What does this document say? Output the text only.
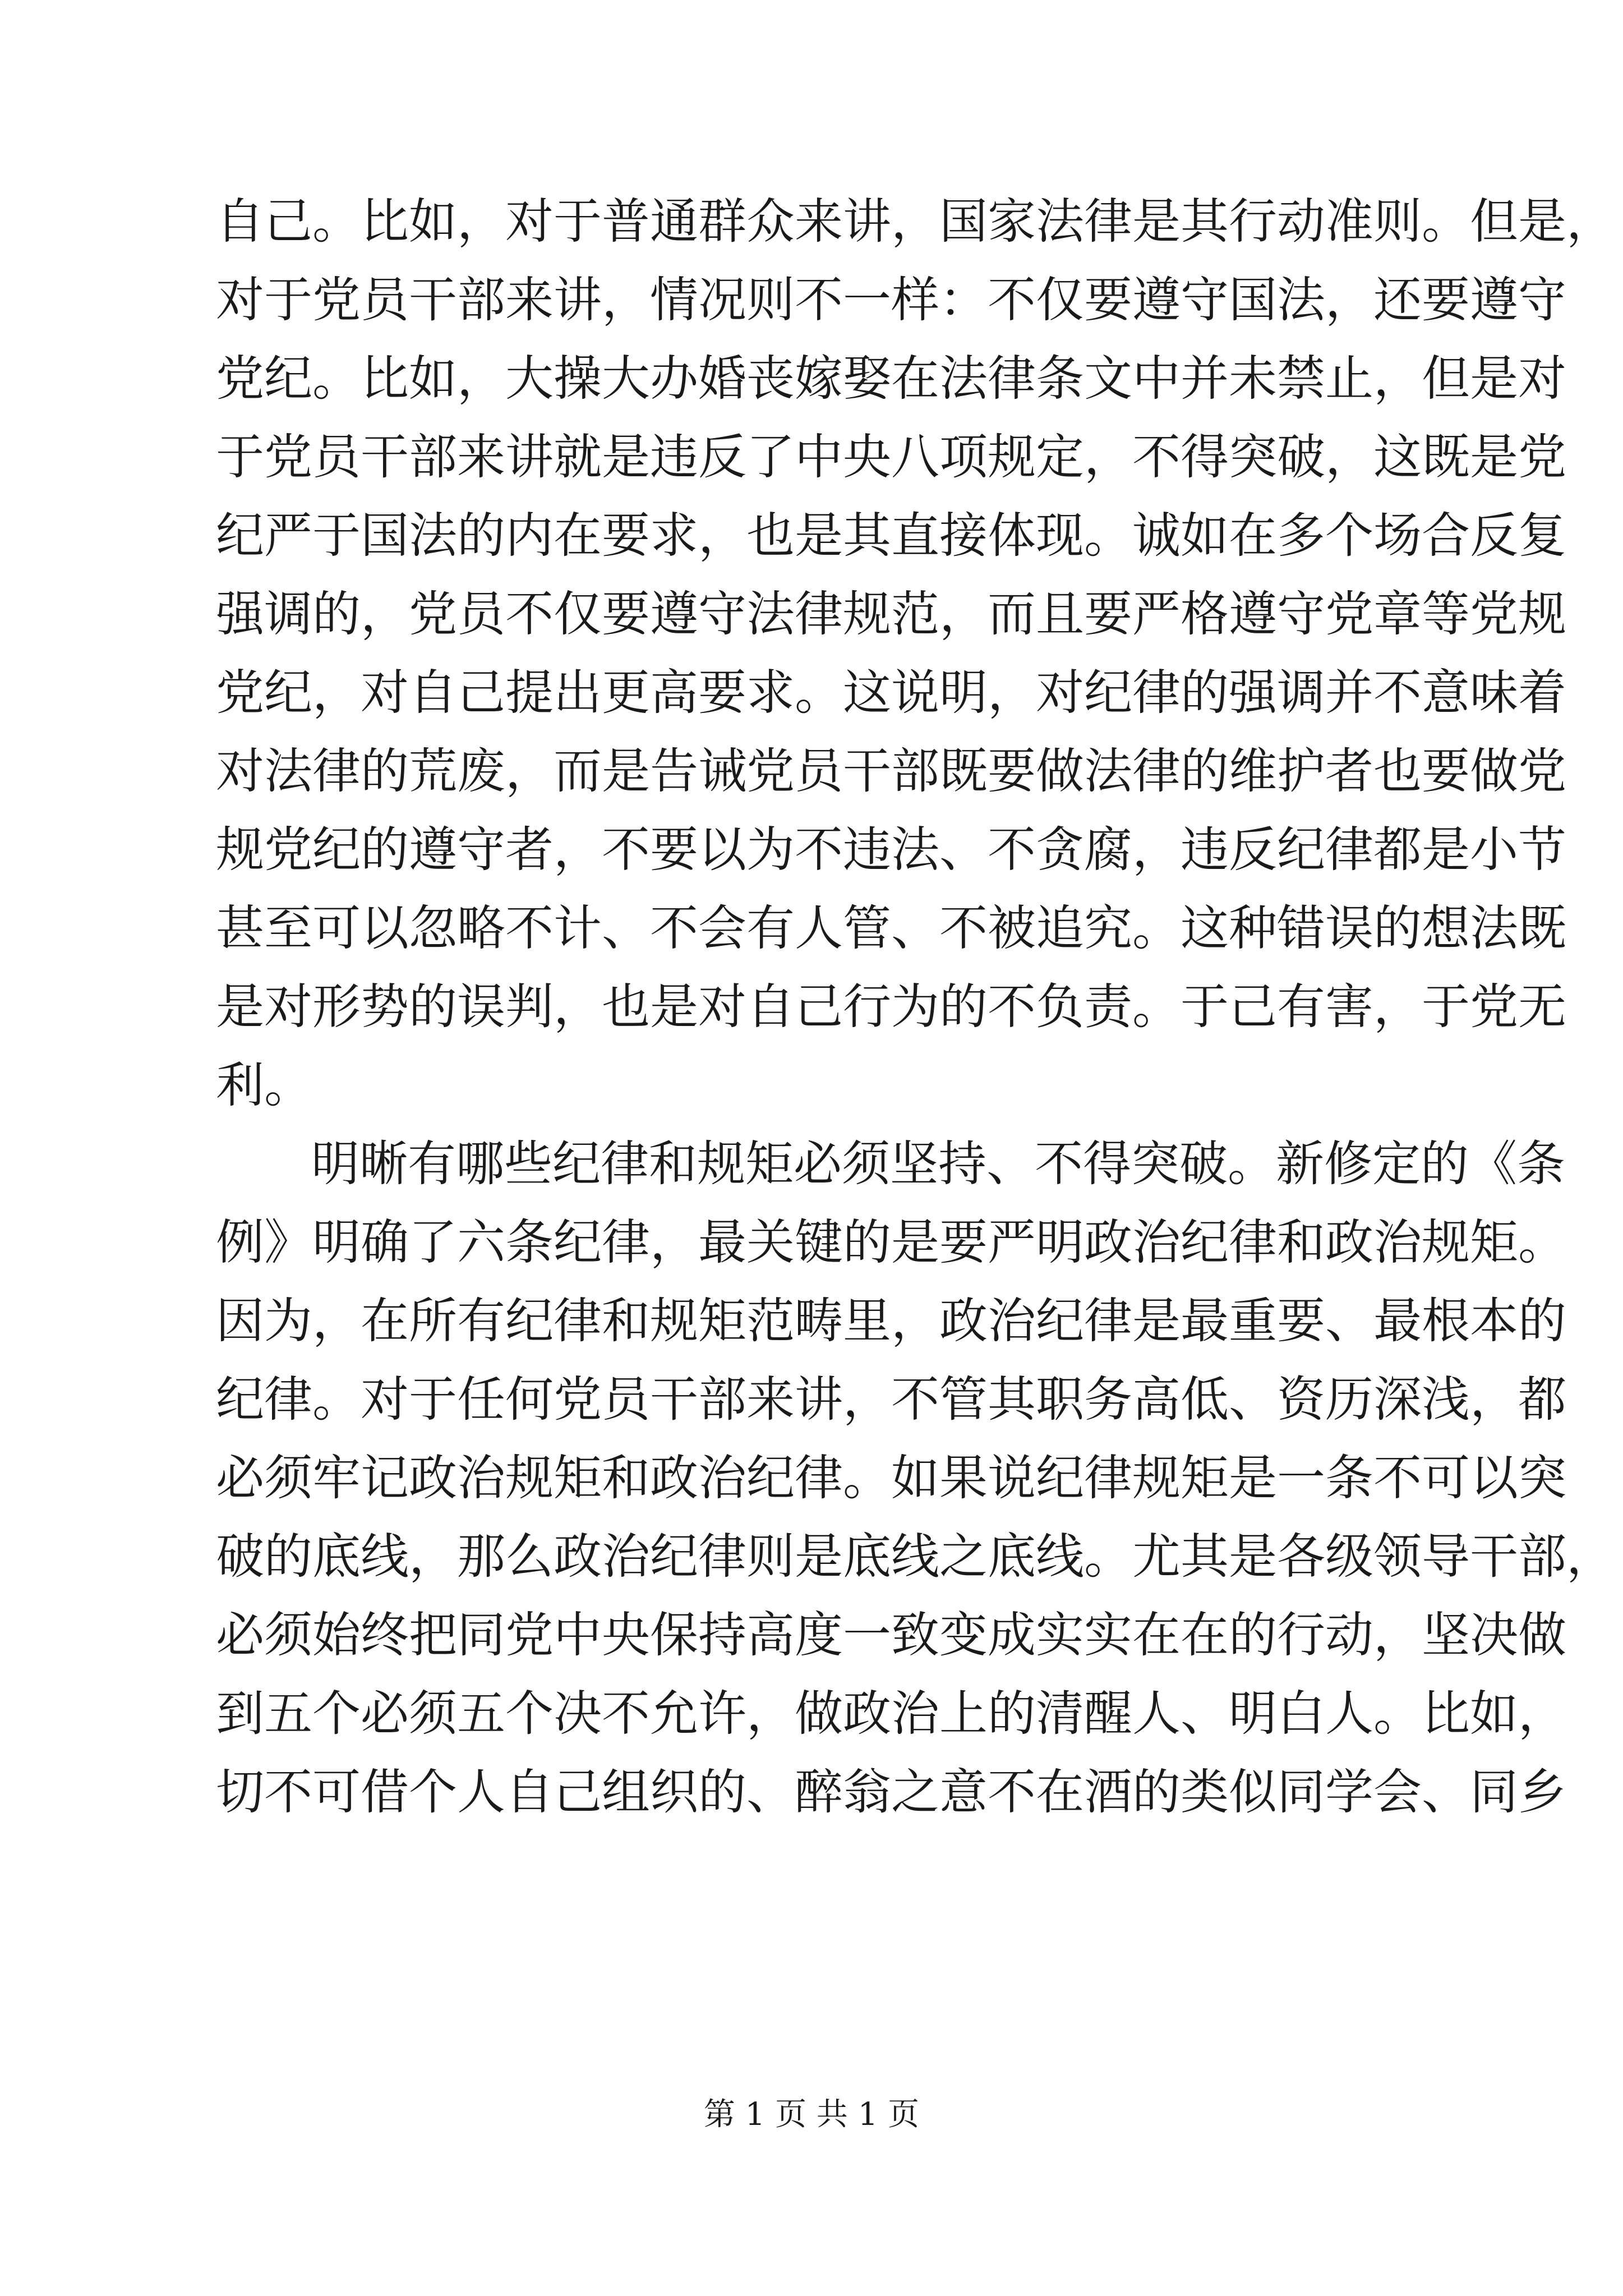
自己。比如，对于普通群众来讲，国家法律是其行动准则。但是，
对于党员干部来讲，情况则不一样：不仅要遵守国法，还要遵守
党纪。比如，大操大办婚丧嫁娶在法律条文中并未禁止，但是对
于党员干部来讲就是违反了中央八项规定，不得突破，这既是党
纪严于国法的内在要求，也是其直接体现。诚如在多个场合反复
强调的，党员不仅要遵守法律规范，而且要严格遵守党章等党规
党纪，对自己提出更高要求。这说明，对纪律的强调并不意味着
对法律的荒废，而是告诫党员干部既要做法律的维护者也要做党
规党纪的遵守者，不要以为不违法、不贪腐，违反纪律都是小节
甚至可以忽略不计、不会有人管、不被追究。这种错误的想法既
是对形势的误判，也是对自己行为的不负责。于己有害，于党无
利。
明晰有哪些纪律和规矩必须坚持、不得突破。新修定的《条
例》明确了六条纪律，最关键的是要严明政治纪律和政治规矩。
因为，在所有纪律和规矩范畴里，政治纪律是最重要、最根本的
纪律。对于任何党员干部来讲，不管其职务高低、资历深浅，都
必须牢记政治规矩和政治纪律。如果说纪律规矩是一条不可以突
破的底线，那么政治纪律则是底线之底线。尤其是各级领导干部，
必须始终把同党中央保持高度一致变成实实在在的行动，坚决做
到五个必须五个决不允许，做政治上的清醒人、明白人。比如，
切不可借个人自己组织的、醉翁之意不在酒的类似同学会、同乡
第 1 页 共 1 页
